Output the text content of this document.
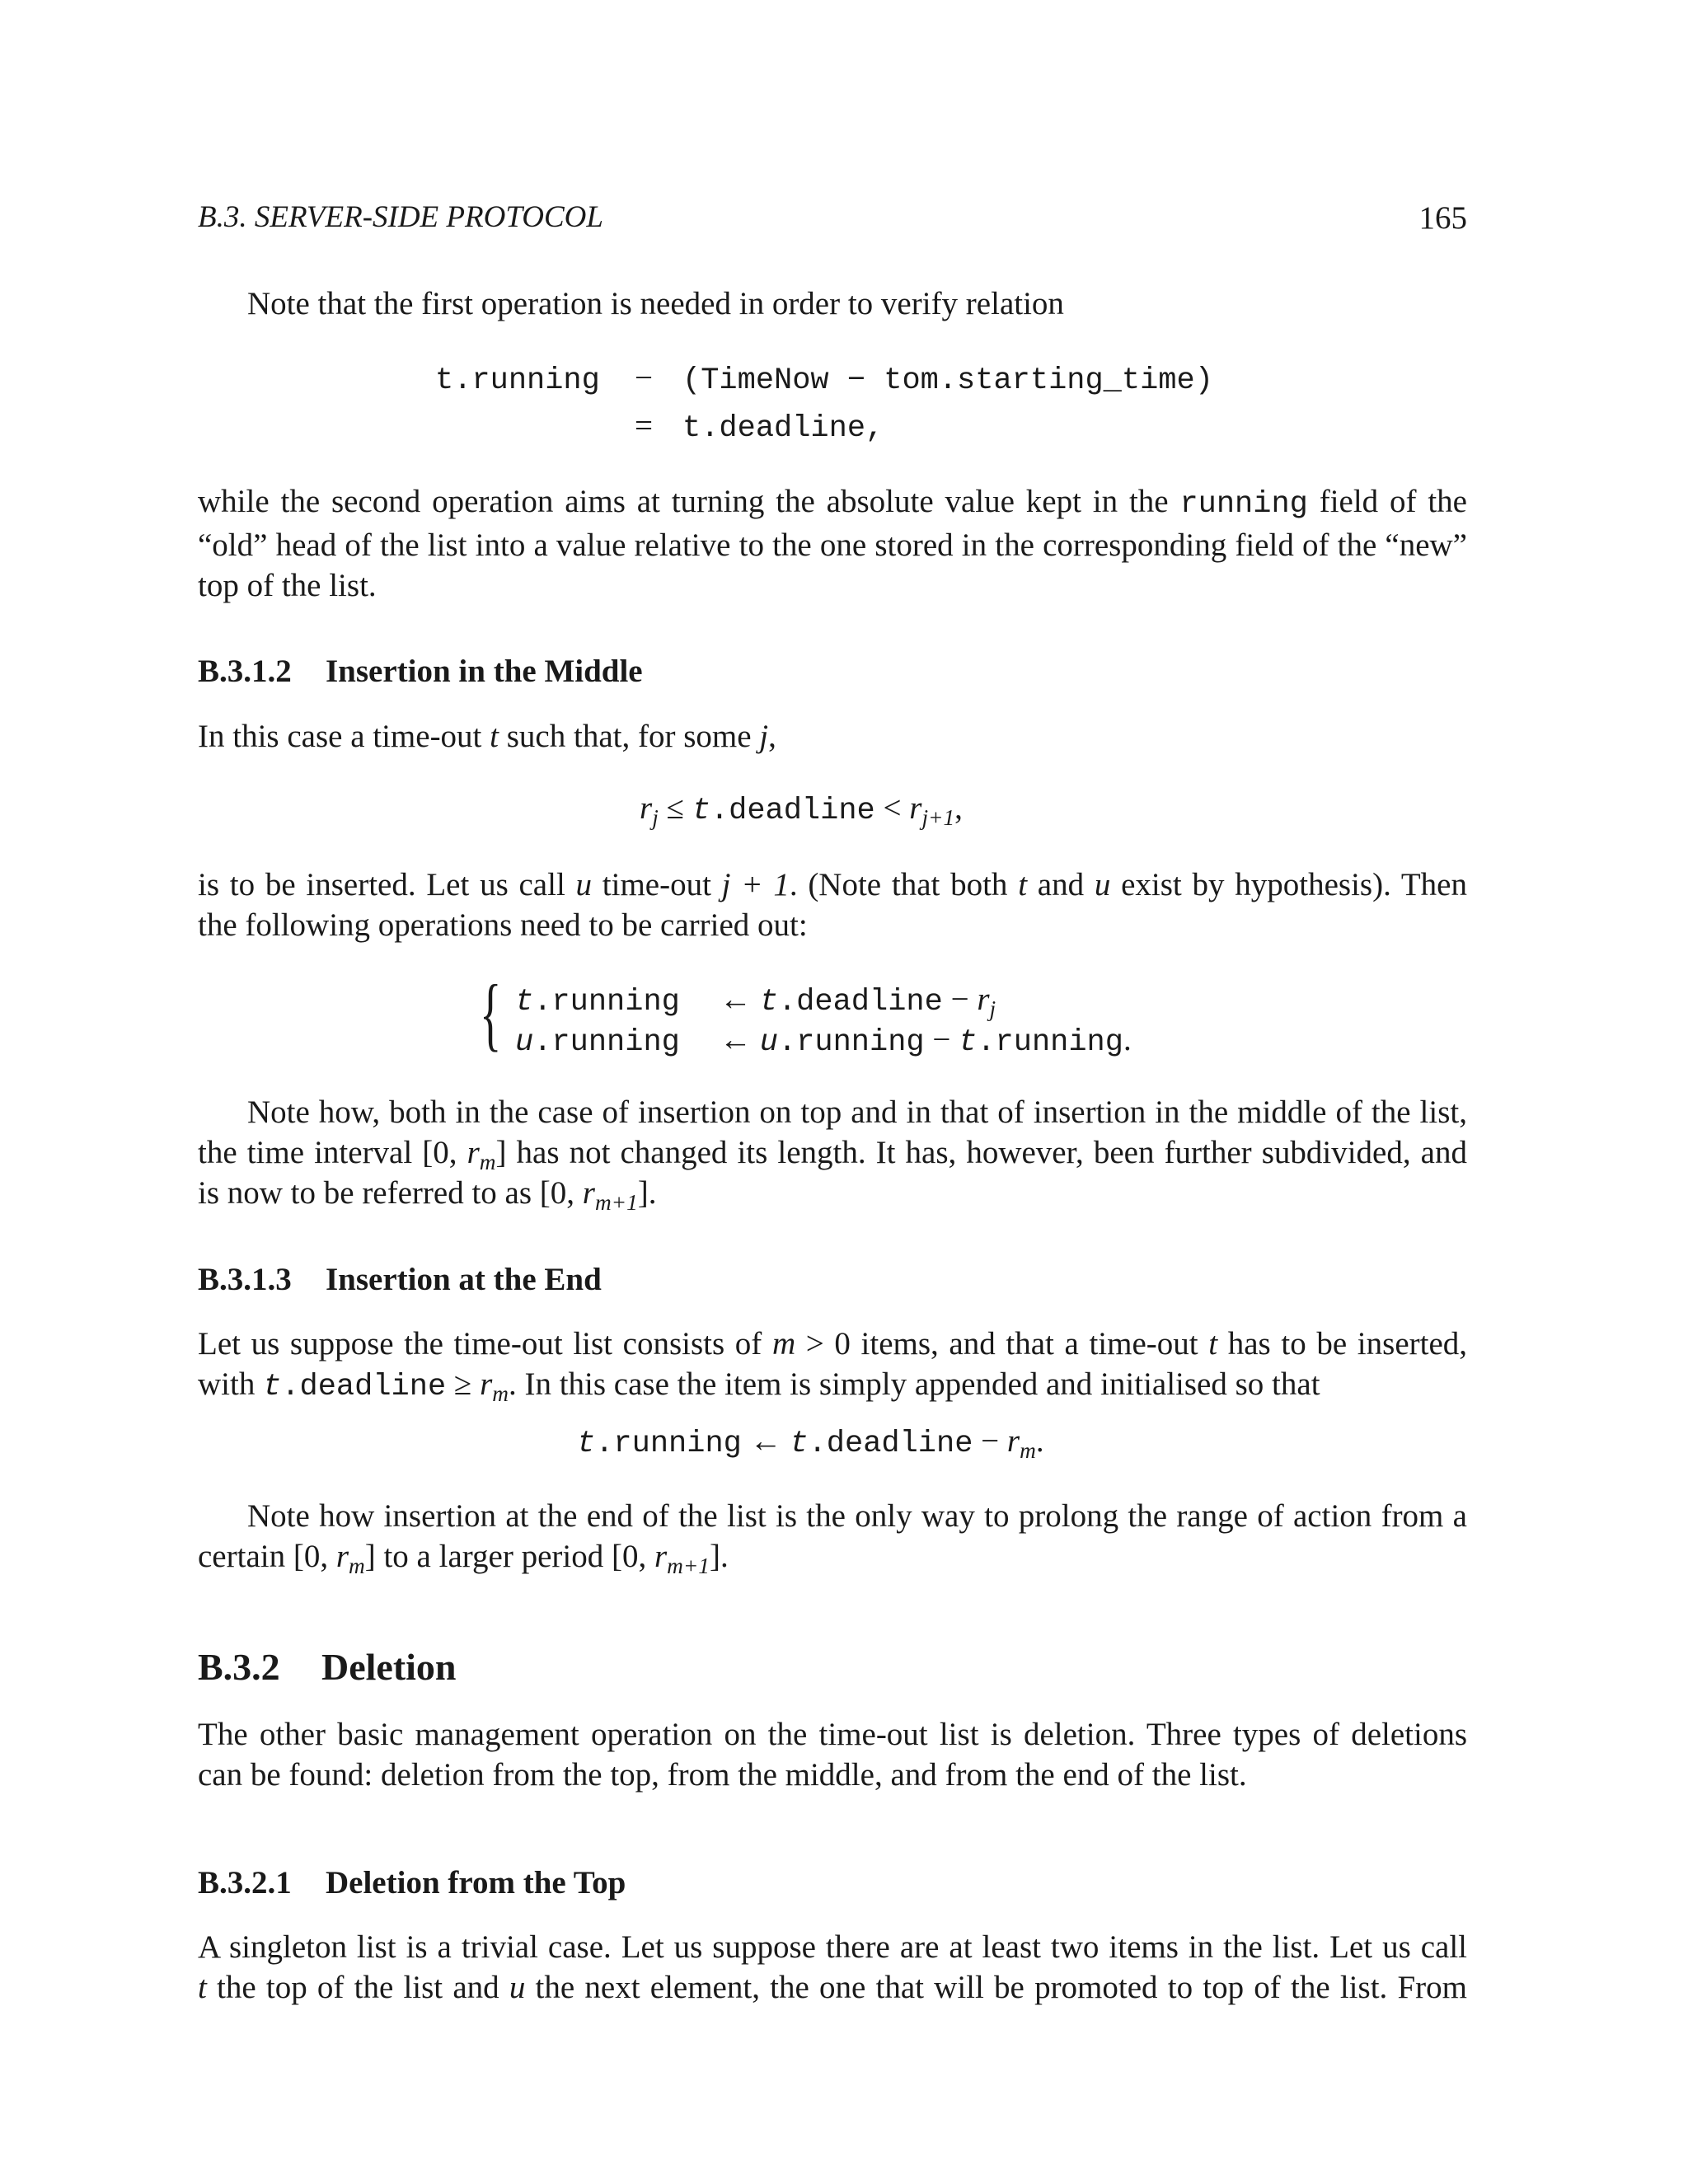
B.3. SERVER-SIDE PROTOCOL	165
Note that the first operation is needed in order to verify relation
t.running − (TimeNow − tom.starting_time)
= t.deadline,
while the second operation aims at turning the absolute value kept in the running field of the
“old” head of the list into a value relative to the one stored in the corresponding field of the “new”
top of the list.
B.3.1.2 Insertion in the Middle
In this case a time-out t such that, for some j,
$r_j$ ≤ t.deadline < $r_{j+1}$,
is to be inserted. Let us call u time-out j + 1. (Note that both t and u exist by hypothesis). Then
the following operations need to be carried out:
{ t.running ← t.deadline − $r_j$
u.running ← u.running − t.running.
Note how, both in the case of insertion on top and in that of insertion in the middle of the list,
the time interval [0, $r_m$] has not changed its length. It has, however, been further subdivided, and
is now to be referred to as [0, $r_{m+1}$].
B.3.1.3 Insertion at the End
Let us suppose the time-out list consists of m > 0 items, and that a time-out t has to be inserted,
with t.deadline ≥ $r_m$. In this case the item is simply appended and initialised so that
t.running ← t.deadline − $r_m$.
Note how insertion at the end of the list is the only way to prolong the range of action from a
certain [0, $r_m$] to a larger period [0, $r_{m+1}$].
B.3.2 Deletion
The other basic management operation on the time-out list is deletion. Three types of deletions
can be found: deletion from the top, from the middle, and from the end of the list.
B.3.2.1 Deletion from the Top
A singleton list is a trivial case. Let us suppose there are at least two items in the list. Let us call
t the top of the list and u the next element, the one that will be promoted to top of the list. From
